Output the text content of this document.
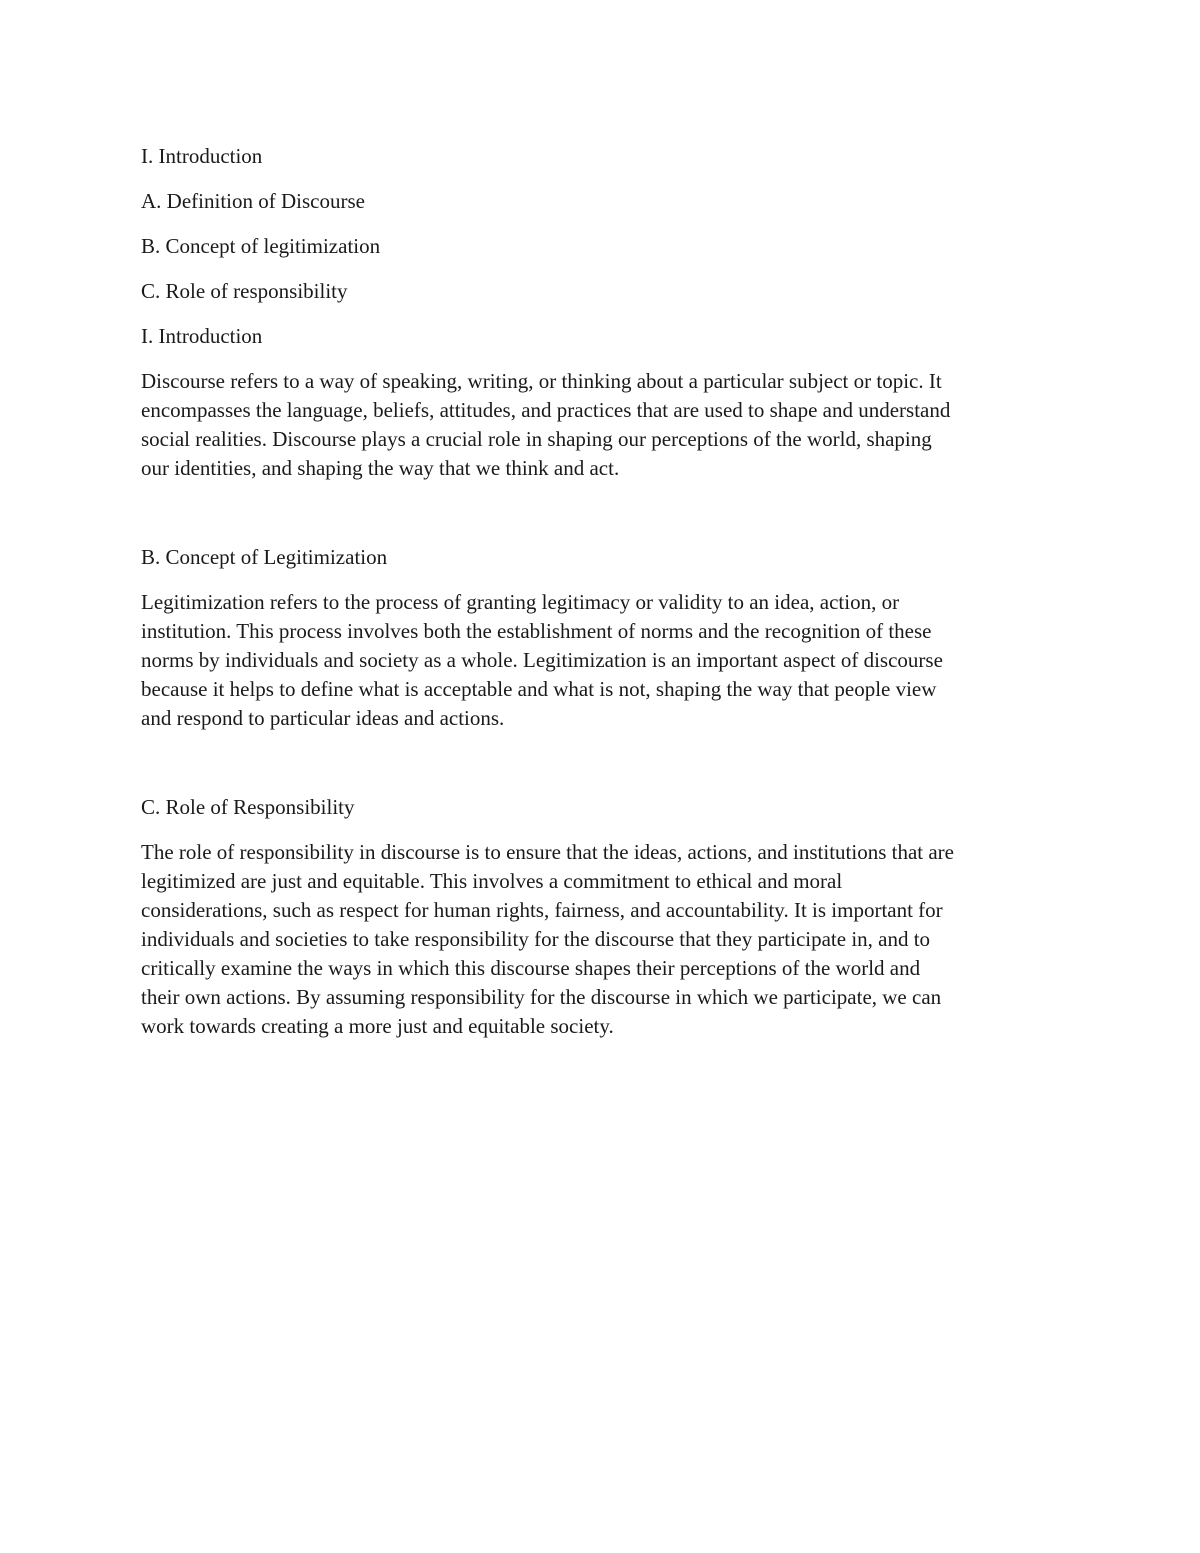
I. Introduction
A. Definition of Discourse
B. Concept of legitimization
C. Role of responsibility
I. Introduction

Discourse refers to a way of speaking, writing, or thinking about a particular subject or topic. It
encompasses the language, beliefs, attitudes, and practices that are used to shape and understand
social realities. Discourse plays a crucial role in shaping our perceptions of the world, shaping
our identities, and shaping the way that we think and act.

B. Concept of Legitimization

Legitimization refers to the process of granting legitimacy or validity to an idea, action, or
institution. This process involves both the establishment of norms and the recognition of these
norms by individuals and society as a whole. Legitimization is an important aspect of discourse
because it helps to define what is acceptable and what is not, shaping the way that people view
and respond to particular ideas and actions.

C. Role of Responsibility

The role of responsibility in discourse is to ensure that the ideas, actions, and institutions that are
legitimized are just and equitable. This involves a commitment to ethical and moral
considerations, such as respect for human rights, fairness, and accountability. It is important for
individuals and societies to take responsibility for the discourse that they participate in, and to
critically examine the ways in which this discourse shapes their perceptions of the world and
their own actions. By assuming responsibility for the discourse in which we participate, we can
work towards creating a more just and equitable society.
